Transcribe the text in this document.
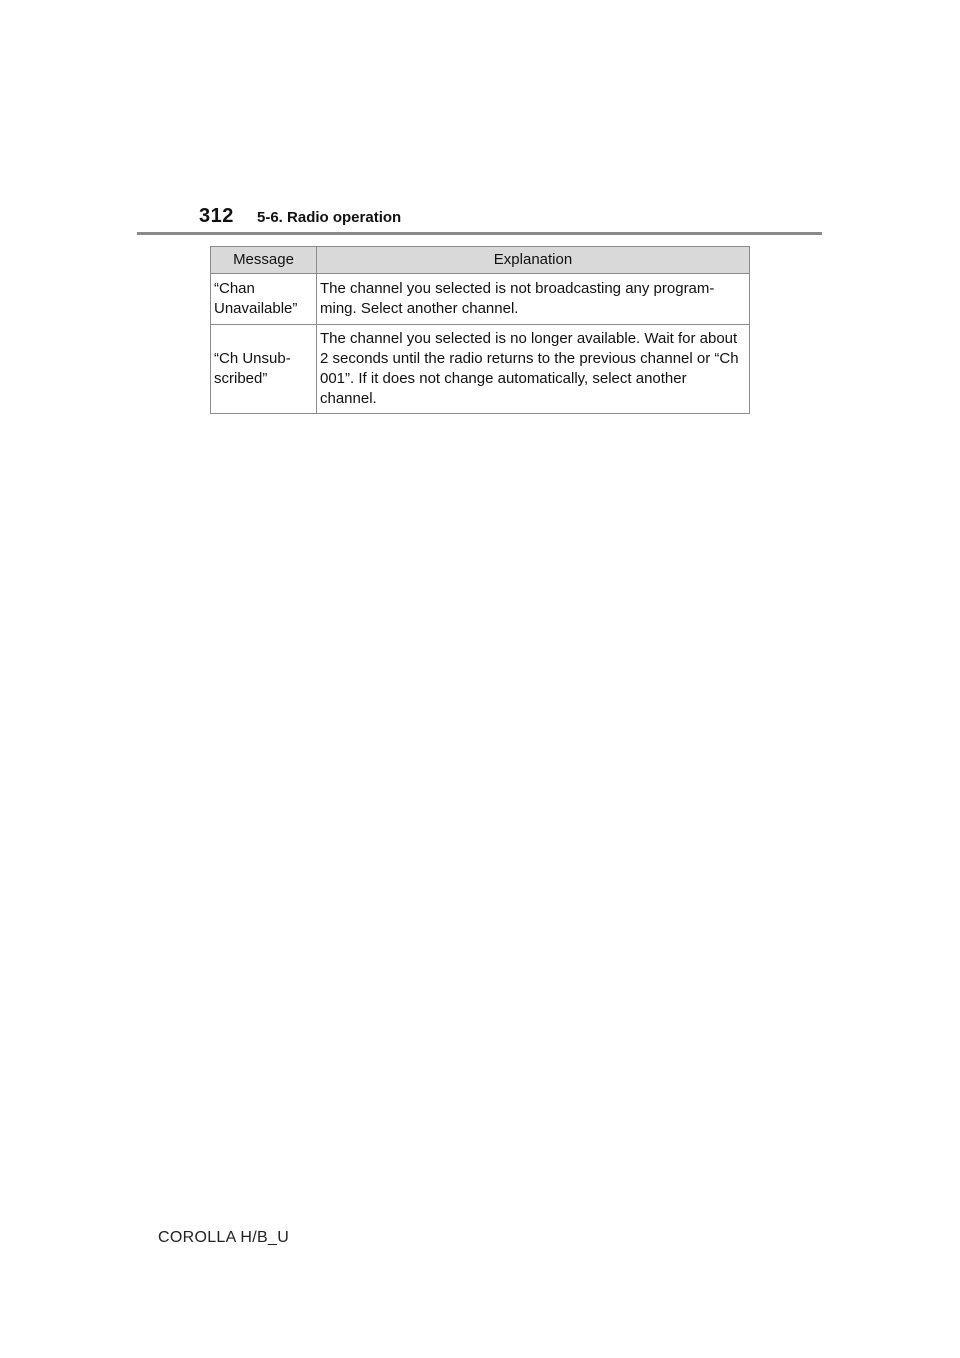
312 5-6. Radio operation
Message	Explanation
“Chan Unavailable”	The channel you selected is not broadcasting any programming. Select another channel.
“Ch Unsubscribed”	The channel you selected is no longer available. Wait for about 2 seconds until the radio returns to the previous channel or “Ch 001”. If it does not change automatically, select another channel.
COROLLA H/B_U
